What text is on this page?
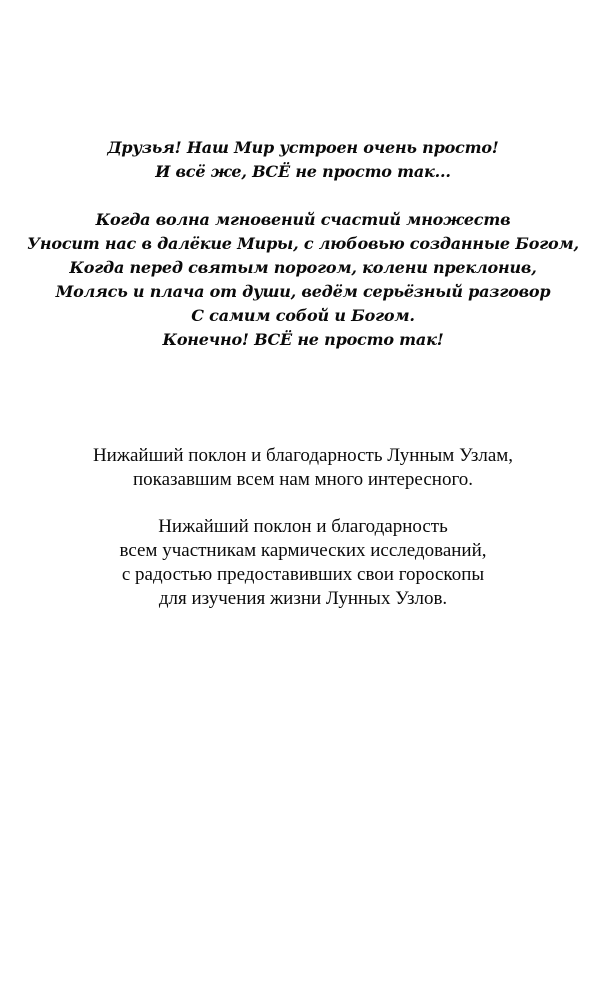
Друзья! Наш Мир устроен очень просто!
И всё же, ВСЁ не просто так...
Когда волна мгновений счастий множеств
Уносит нас в далёкие Миры, с любовью созданные Богом,
Когда перед святым порогом, колени преклонив,
Молясь и плача от души, ведём серьёзный разговор
С самим собой и Богом.
Конечно! ВСЁ не просто так!
Нижайший поклон и благодарность Лунным Узлам,
показавшим всем нам много интересного.
Нижайший поклон и благодарность
всем участникам кармических исследований,
с радостью предоставивших свои гороскопы
для изучения жизни Лунных Узлов.
